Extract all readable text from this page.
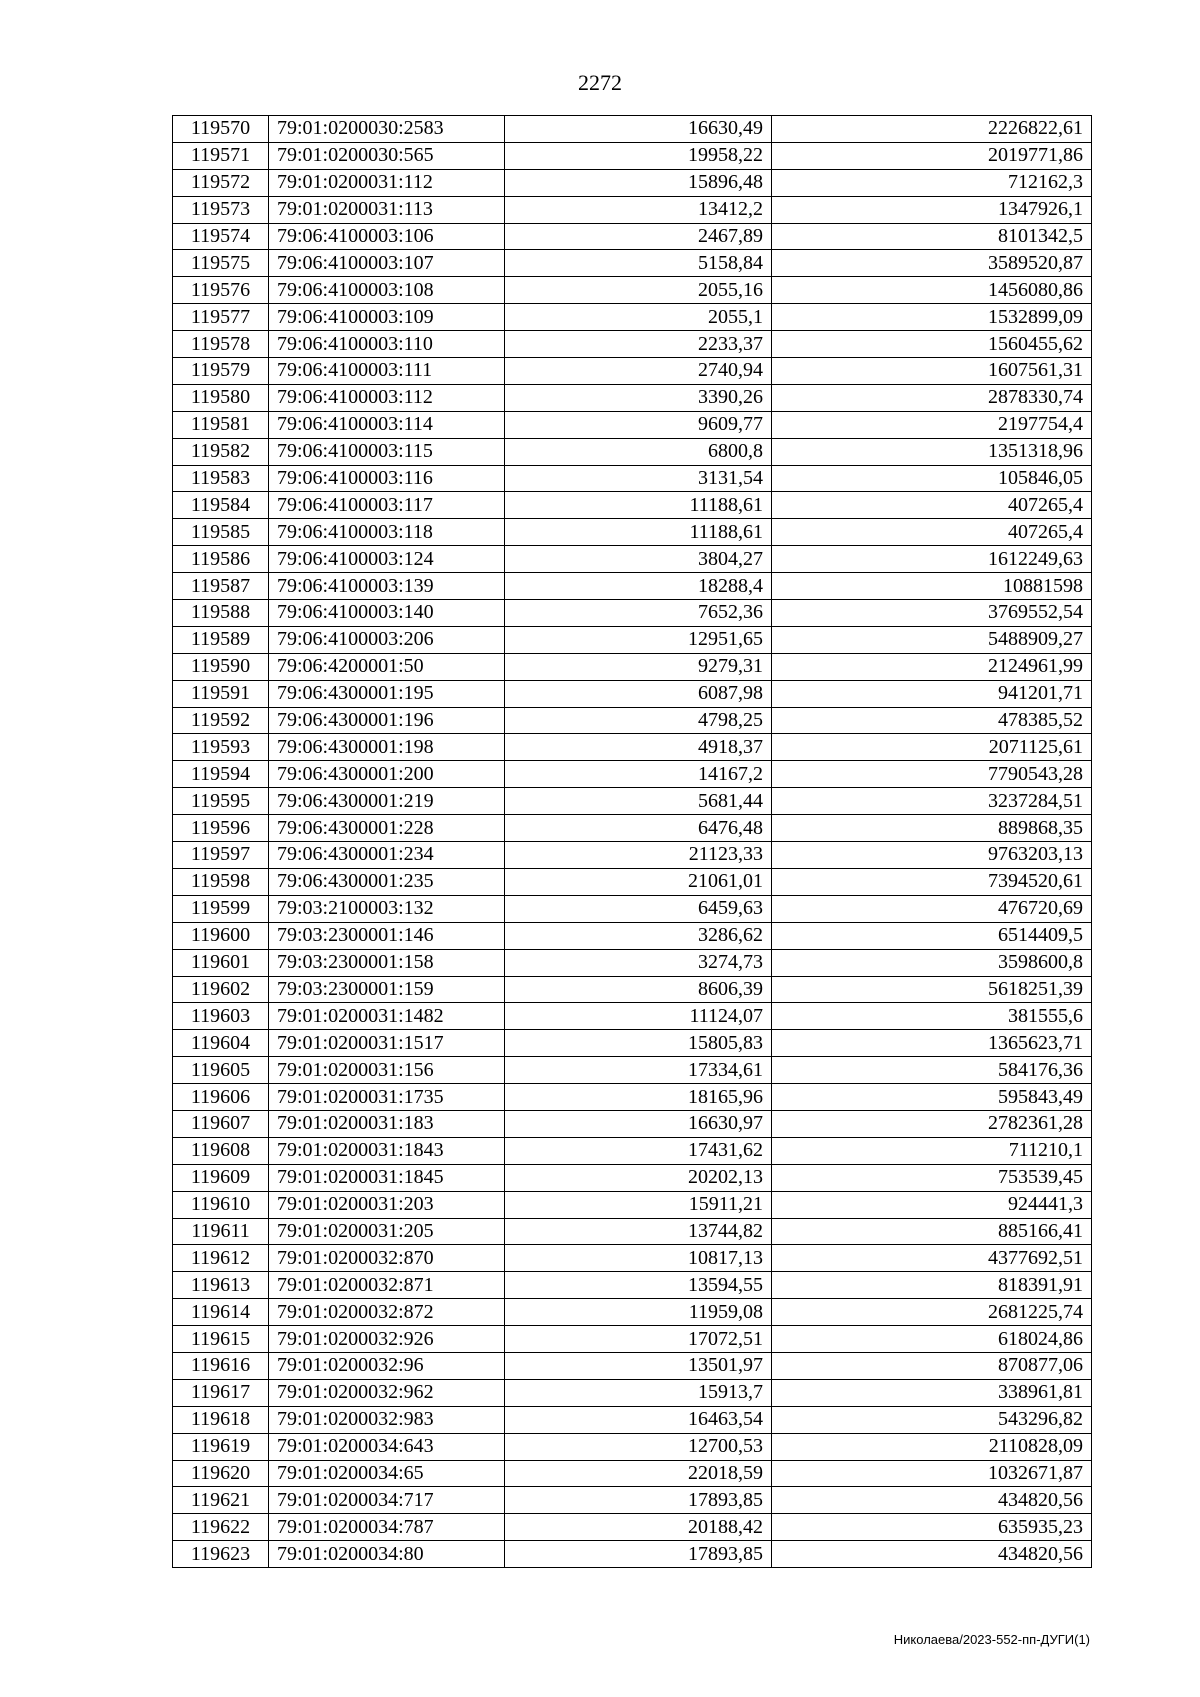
2272
119570	79:01:0200030:2583	16630,49	2226822,61
119571	79:01:0200030:565	19958,22	2019771,86
119572	79:01:0200031:112	15896,48	712162,3
119573	79:01:0200031:113	13412,2	1347926,1
119574	79:06:4100003:106	2467,89	8101342,5
119575	79:06:4100003:107	5158,84	3589520,87
119576	79:06:4100003:108	2055,16	1456080,86
119577	79:06:4100003:109	2055,1	1532899,09
119578	79:06:4100003:110	2233,37	1560455,62
119579	79:06:4100003:111	2740,94	1607561,31
119580	79:06:4100003:112	3390,26	2878330,74
119581	79:06:4100003:114	9609,77	2197754,4
119582	79:06:4100003:115	6800,8	1351318,96
119583	79:06:4100003:116	3131,54	105846,05
119584	79:06:4100003:117	11188,61	407265,4
119585	79:06:4100003:118	11188,61	407265,4
119586	79:06:4100003:124	3804,27	1612249,63
119587	79:06:4100003:139	18288,4	10881598
119588	79:06:4100003:140	7652,36	3769552,54
119589	79:06:4100003:206	12951,65	5488909,27
119590	79:06:4200001:50	9279,31	2124961,99
119591	79:06:4300001:195	6087,98	941201,71
119592	79:06:4300001:196	4798,25	478385,52
119593	79:06:4300001:198	4918,37	2071125,61
119594	79:06:4300001:200	14167,2	7790543,28
119595	79:06:4300001:219	5681,44	3237284,51
119596	79:06:4300001:228	6476,48	889868,35
119597	79:06:4300001:234	21123,33	9763203,13
119598	79:06:4300001:235	21061,01	7394520,61
119599	79:03:2100003:132	6459,63	476720,69
119600	79:03:2300001:146	3286,62	6514409,5
119601	79:03:2300001:158	3274,73	3598600,8
119602	79:03:2300001:159	8606,39	5618251,39
119603	79:01:0200031:1482	11124,07	381555,6
119604	79:01:0200031:1517	15805,83	1365623,71
119605	79:01:0200031:156	17334,61	584176,36
119606	79:01:0200031:1735	18165,96	595843,49
119607	79:01:0200031:183	16630,97	2782361,28
119608	79:01:0200031:1843	17431,62	711210,1
119609	79:01:0200031:1845	20202,13	753539,45
119610	79:01:0200031:203	15911,21	924441,3
119611	79:01:0200031:205	13744,82	885166,41
119612	79:01:0200032:870	10817,13	4377692,51
119613	79:01:0200032:871	13594,55	818391,91
119614	79:01:0200032:872	11959,08	2681225,74
119615	79:01:0200032:926	17072,51	618024,86
119616	79:01:0200032:96	13501,97	870877,06
119617	79:01:0200032:962	15913,7	338961,81
119618	79:01:0200032:983	16463,54	543296,82
119619	79:01:0200034:643	12700,53	2110828,09
119620	79:01:0200034:65	22018,59	1032671,87
119621	79:01:0200034:717	17893,85	434820,56
119622	79:01:0200034:787	20188,42	635935,23
119623	79:01:0200034:80	17893,85	434820,56
Николаева/2023-552-пп-ДУГИ(1)
